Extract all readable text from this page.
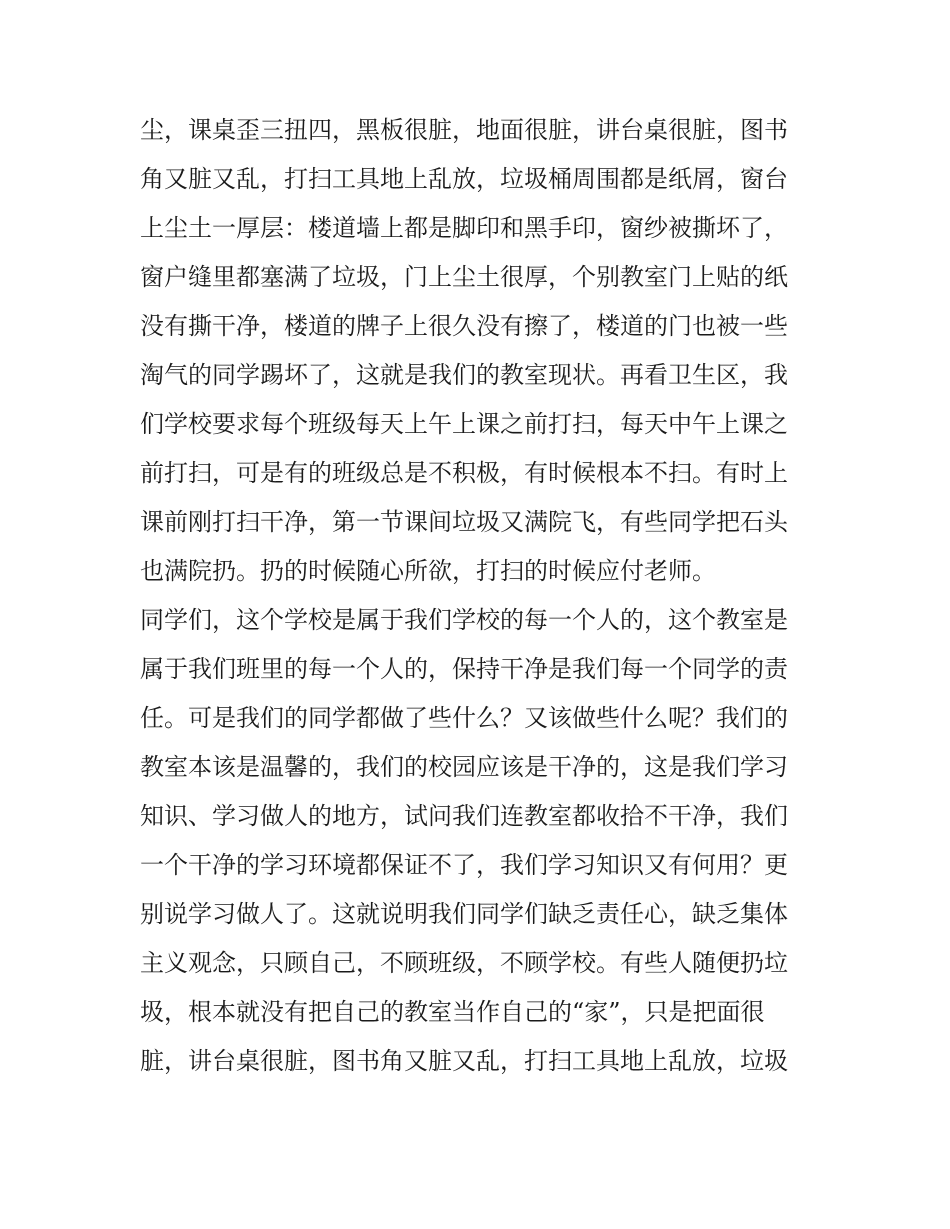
尘，课桌歪三扭四，黑板很脏，地面很脏，讲台桌很脏，图书
角又脏又乱，打扫工具地上乱放，垃圾桶周围都是纸屑，窗台
上尘土一厚层：楼道墙上都是脚印和黑手印，窗纱被撕坏了，
窗户缝里都塞满了垃圾，门上尘土很厚，个别教室门上贴的纸
没有撕干净，楼道的牌子上很久没有擦了，楼道的门也被一些
淘气的同学踢坏了，这就是我们的教室现状。再看卫生区，我
们学校要求每个班级每天上午上课之前打扫，每天中午上课之
前打扫，可是有的班级总是不积极，有时候根本不扫。有时上
课前刚打扫干净，第一节课间垃圾又满院飞，有些同学把石头
也满院扔。扔的时候随心所欲，打扫的时候应付老师。
同学们，这个学校是属于我们学校的每一个人的，这个教室是
属于我们班里的每一个人的，保持干净是我们每一个同学的责
任。可是我们的同学都做了些什么？又该做些什么呢？我们的
教室本该是温馨的，我们的校园应该是干净的，这是我们学习
知识、学习做人的地方，试问我们连教室都收拾不干净，我们
一个干净的学习环境都保证不了，我们学习知识又有何用？更
别说学习做人了。这就说明我们同学们缺乏责任心，缺乏集体
主义观念，只顾自己，不顾班级，不顾学校。有些人随便扔垃
圾，根本就没有把自己的教室当作自己的“家”，只是把面很
脏，讲台桌很脏，图书角又脏又乱，打扫工具地上乱放，垃圾
